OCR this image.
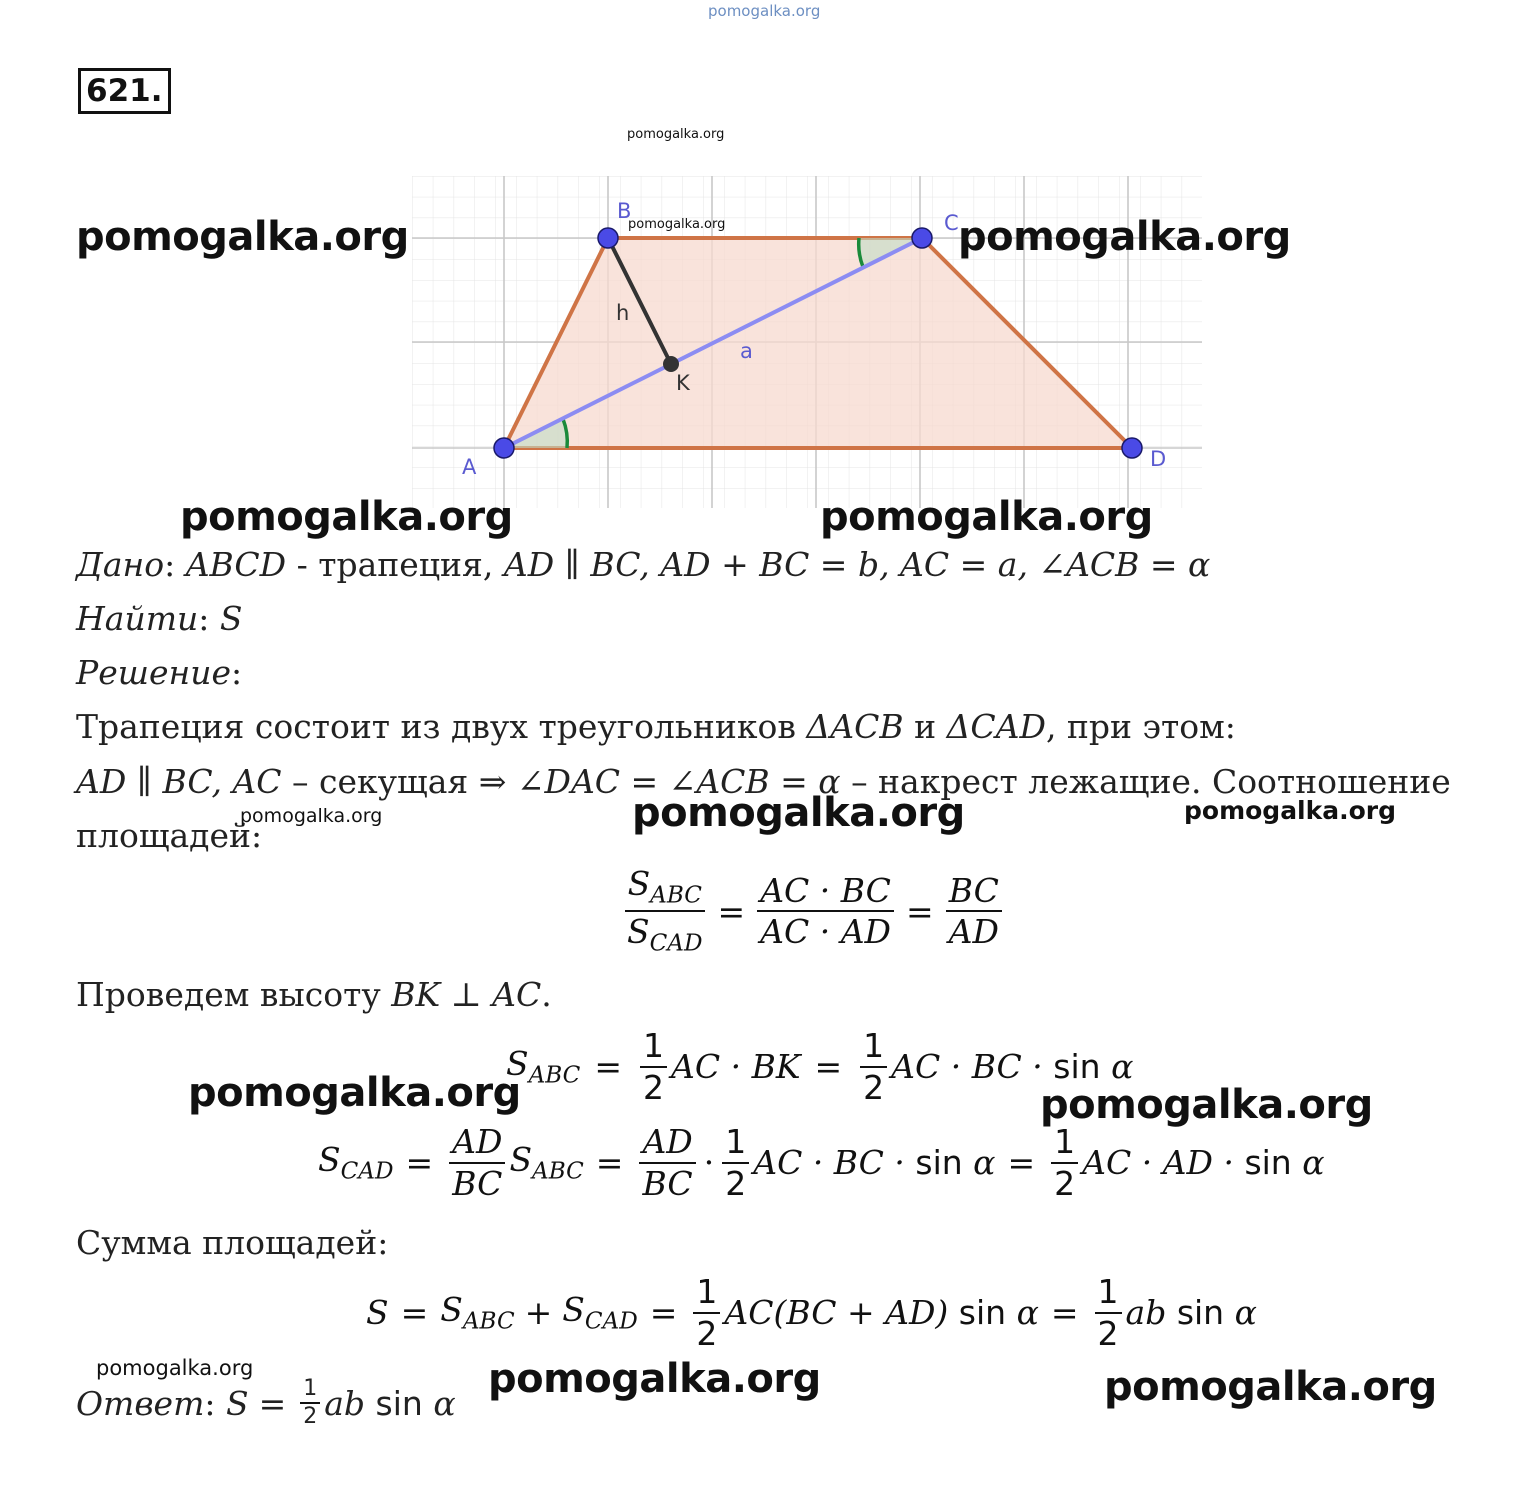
pomogalka.org
621.
pomogalka.org
A
B	C
D
a
h
K
pomogalka.org
pomogalka.org	pomogalka.org
pomogalka.org	pomogalka.org
Дано: ABCD - трапеция, AD ∥ BC, AD + BC = b, AC = a, ∠ACB = α
Найти: S
Решение:
Трапеция состоит из двух треугольников ΔACB и ΔCAD, при этом:
AD ∥ BC, AC – секущая ⇒ ∠DAC = ∠ACB = α – накрест лежащие. Соотношение
площадей:
pomogalka.org	pomogalka.org	pomogalka.org
$\frac{S_{ABC}}{S_{CAD}} = \frac{AC \cdot BC}{AC \cdot AD} = \frac{BC}{AD}$
Проведем высоту BK ⊥ AC.
$S_{ABC} = \frac{1}{2}$ AC · BK = $\frac{1}{2}$ AC · BC · sin
α
pomogalka.org	pomogalka.org
$S_{CAD} = \frac{AD}{BC} S_{ABC} = \frac{AD}{BC} \cdot \frac{1}{2}$ AC · BC · sin
$\alpha = \frac{1}{2}$ AC · AD · sin
α
Сумма площадей:
$S = S_{ABC} + S_{CAD} = \frac{1}{2} AC(BC + AD)$ sin
$\alpha = \frac{1}{2}$ ab sin
α
pomogalka.org	pomogalka.org	pomogalka.org
Ответ : $S = \frac{1}{2}$ ab sin
α
